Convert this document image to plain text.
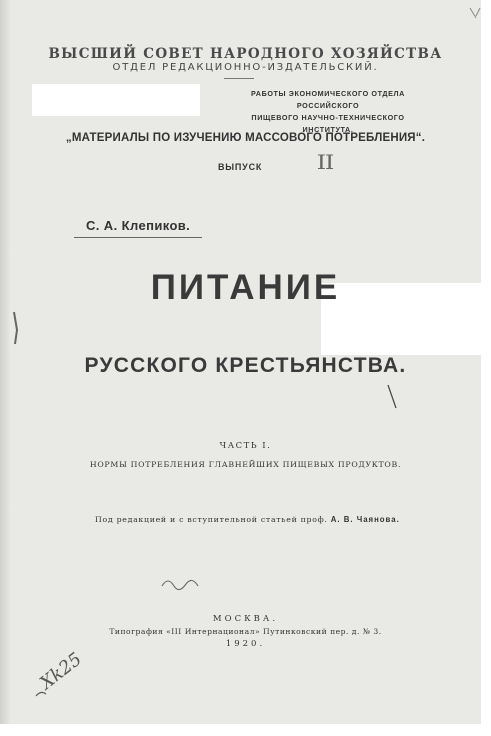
ВЫСШИЙ СОВЕТ НАРОДНОГО ХОЗЯЙСТВА
ОТДЕЛ РЕДАКЦИОННО-ИЗДАТЕЛЬСКИЙ.
РАБОТЫ ЭКОНОМИЧЕСКОГО ОТДЕЛА РОССИЙСКОГО
ПИЩЕВОГО НАУЧНО-ТЕХНИЧЕСКОГО ИНСТИТУТА.
„МАТЕРИАЛЫ ПО ИЗУЧЕНИЮ МАССОВОГО ПОТРЕБЛЕНИЯ“.
ВЫПУСК	II
С. А. Клепиков.
ПИТАНИЕ
РУССКОГО КРЕСТЬЯНСТВА.
ЧАСТЬ I.
НОРМЫ ПОТРЕБЛЕНИЯ ГЛАВНЕЙШИХ ПИЩЕВЫХ ПРОДУКТОВ.
Под редакцией и с вступительной статьей проф. А. В. Чаянова.
МОСКВА.
Типография «III Интернационал» Путинковский пер. д. № 3.
1920.
Xk25
